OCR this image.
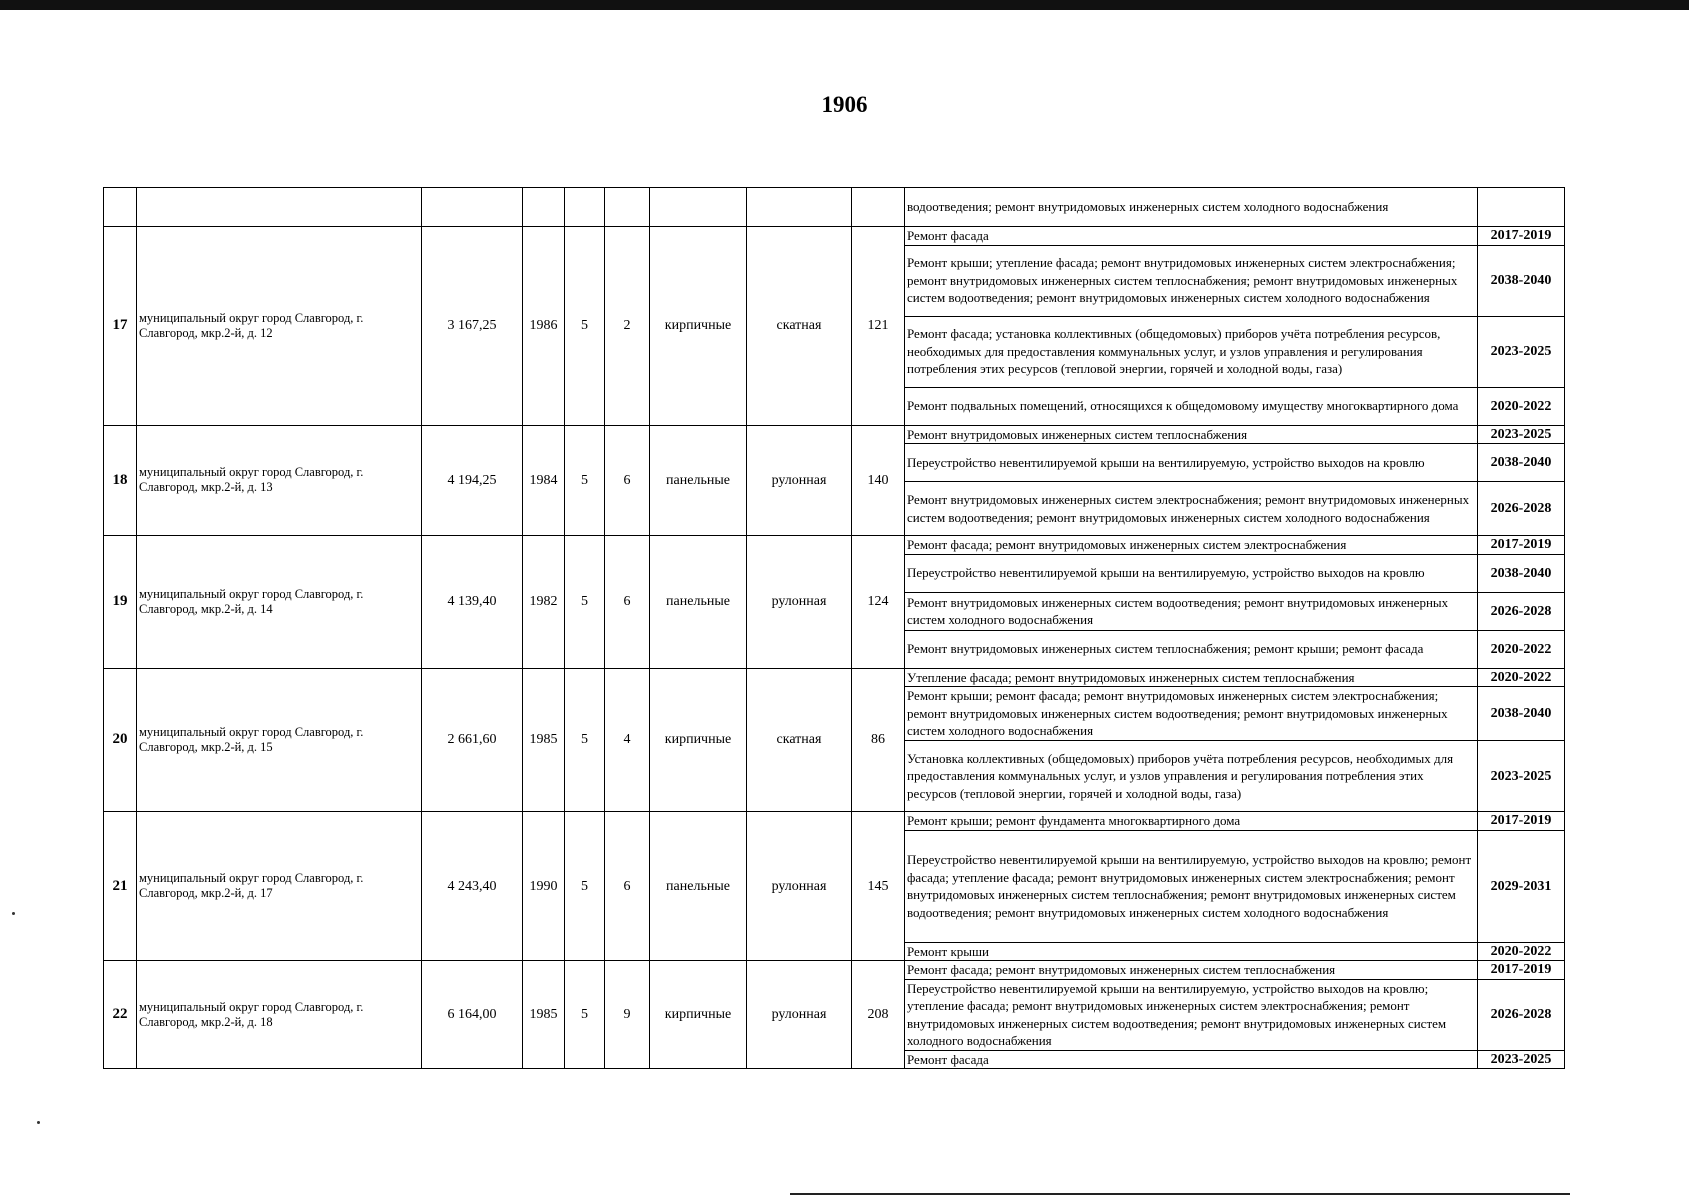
1906
									водоотведения; ремонт внутридомовых инженерных систем холодного водоснабжения	
17	муниципальный округ город Славгород, г. Славгород, мкр.2-й, д. 12	3 167,25	1986	5	2	кирпичные	скатная	121	Ремонт фасада	2017-2019
									Ремонт крыши; утепление фасада; ремонт внутридомовых инженерных систем электроснабжения; ремонт внутридомовых инженерных систем теплоснабжения; ремонт внутридомовых инженерных систем водоотведения; ремонт внутридомовых инженерных систем холодного водоснабжения	2038-2040
									Ремонт фасада; установка коллективных (общедомовых) приборов учёта потребления ресурсов, необходимых для предоставления коммунальных услуг, и узлов управления и регулирования потребления этих ресурсов (тепловой энергии, горячей и холодной воды, газа)	2023-2025
									Ремонт подвальных помещений, относящихся к общедомовому имуществу многоквартирного дома	2020-2022
18	муниципальный округ город Славгород, г. Славгород, мкр.2-й, д. 13	4 194,25	1984	5	6	панельные	рулонная	140	Ремонт внутридомовых инженерных систем теплоснабжения	2023-2025
									Переустройство невентилируемой крыши на вентилируемую, устройство выходов на кровлю	2038-2040
									Ремонт внутридомовых инженерных систем электроснабжения; ремонт внутридомовых инженерных систем водоотведения; ремонт внутридомовых инженерных систем холодного водоснабжения	2026-2028
19	муниципальный округ город Славгород, г. Славгород, мкр.2-й, д. 14	4 139,40	1982	5	6	панельные	рулонная	124	Ремонт фасада; ремонт внутридомовых инженерных систем электроснабжения	2017-2019
									Переустройство невентилируемой крыши на вентилируемую, устройство выходов на кровлю	2038-2040
									Ремонт внутридомовых инженерных систем водоотведения; ремонт внутридомовых инженерных систем холодного водоснабжения	2026-2028
									Ремонт внутридомовых инженерных систем теплоснабжения; ремонт крыши; ремонт фасада	2020-2022
20	муниципальный округ город Славгород, г. Славгород, мкр.2-й, д. 15	2 661,60	1985	5	4	кирпичные	скатная	86	Утепление фасада; ремонт внутридомовых инженерных систем теплоснабжения	2020-2022
									Ремонт крыши; ремонт фасада; ремонт внутридомовых инженерных систем электроснабжения; ремонт внутридомовых инженерных систем водоотведения; ремонт внутридомовых инженерных систем холодного водоснабжения	2038-2040
									Установка коллективных (общедомовых) приборов учёта потребления ресурсов, необходимых для предоставления коммунальных услуг, и узлов управления и регулирования потребления этих ресурсов (тепловой энергии, горячей и холодной воды, газа)	2023-2025
21	муниципальный округ город Славгород, г. Славгород, мкр.2-й, д. 17	4 243,40	1990	5	6	панельные	рулонная	145	Ремонт крыши; ремонт фундамента многоквартирного дома	2017-2019
									Переустройство невентилируемой крыши на вентилируемую, устройство выходов на кровлю; ремонт фасада; утепление фасада; ремонт внутридомовых инженерных систем электроснабжения; ремонт внутридомовых инженерных систем теплоснабжения; ремонт внутридомовых инженерных систем водоотведения; ремонт внутридомовых инженерных систем холодного водоснабжения	2029-2031
									Ремонт крыши	2020-2022
22	муниципальный округ город Славгород, г. Славгород, мкр.2-й, д. 18	6 164,00	1985	5	9	кирпичные	рулонная	208	Ремонт фасада; ремонт внутридомовых инженерных систем теплоснабжения	2017-2019
									Переустройство невентилируемой крыши на вентилируемую, устройство выходов на кровлю; утепление фасада; ремонт внутридомовых инженерных систем электроснабжения; ремонт внутридомовых инженерных систем водоотведения; ремонт внутридомовых инженерных систем холодного водоснабжения	2026-2028
									Ремонт фасада	2023-2025
